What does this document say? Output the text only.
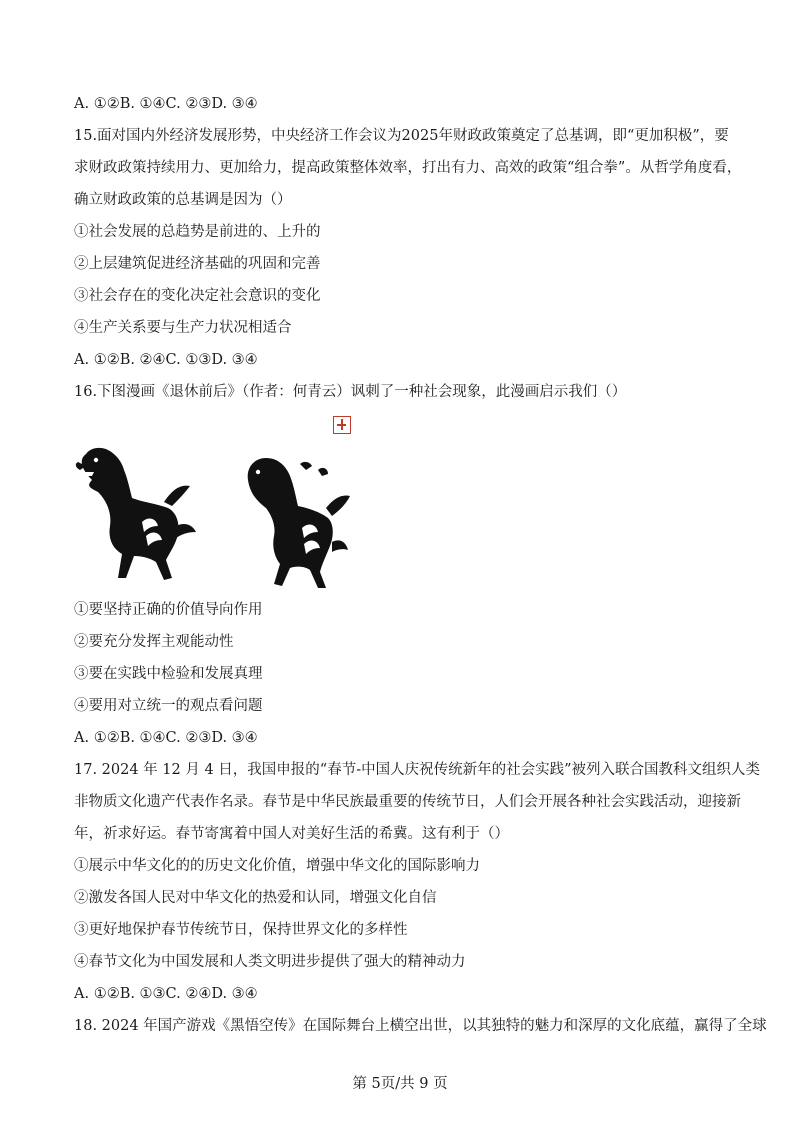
A. ①②B. ①④C. ②③D. ③④
15.面对国内外经济发展形势，中央经济工作会议为2025年财政政策奠定了总基调，即“更加积极”，要
求财政政策持续用力、更加给力，提高政策整体效率，打出有力、高效的政策“组合拳”。从哲学角度看，
确立财政政策的总基调是因为（）
①社会发展的总趋势是前进的、上升的
②上层建筑促进经济基础的巩固和完善
③社会存在的变化决定社会意识的变化
④生产关系要与生产力状况相适合
A. ①②B. ②④C. ①③D. ③④
16.下图漫画《退休前后》（作者：何青云）讽刺了一种社会现象，此漫画启示我们（）
①要坚持正确的价值导向作用
②要充分发挥主观能动性
③要在实践中检验和发展真理
④要用对立统一的观点看问题
A. ①②B. ①④C. ②③D. ③④
17. 2024 年 12 月 4 日，我国申报的“春节-中国人庆祝传统新年的社会实践”被列入联合国教科文组织人类
非物质文化遗产代表作名录。春节是中华民族最重要的传统节日，人们会开展各种社会实践活动，迎接新
年，祈求好运。春节寄寓着中国人对美好生活的希冀。这有利于（）
①展示中华文化的的历史文化价值，增强中华文化的国际影响力
②激发各国人民对中华文化的热爱和认同，增强文化自信
③更好地保护春节传统节日，保持世界文化的多样性
④春节文化为中国发展和人类文明进步提供了强大的精神动力
A. ①②B. ①③C. ②④D. ③④
18. 2024 年国产游戏《黑悟空传》在国际舞台上横空出世，以其独特的魅力和深厚的文化底蕴，赢得了全球
第 5页/共 9 页
